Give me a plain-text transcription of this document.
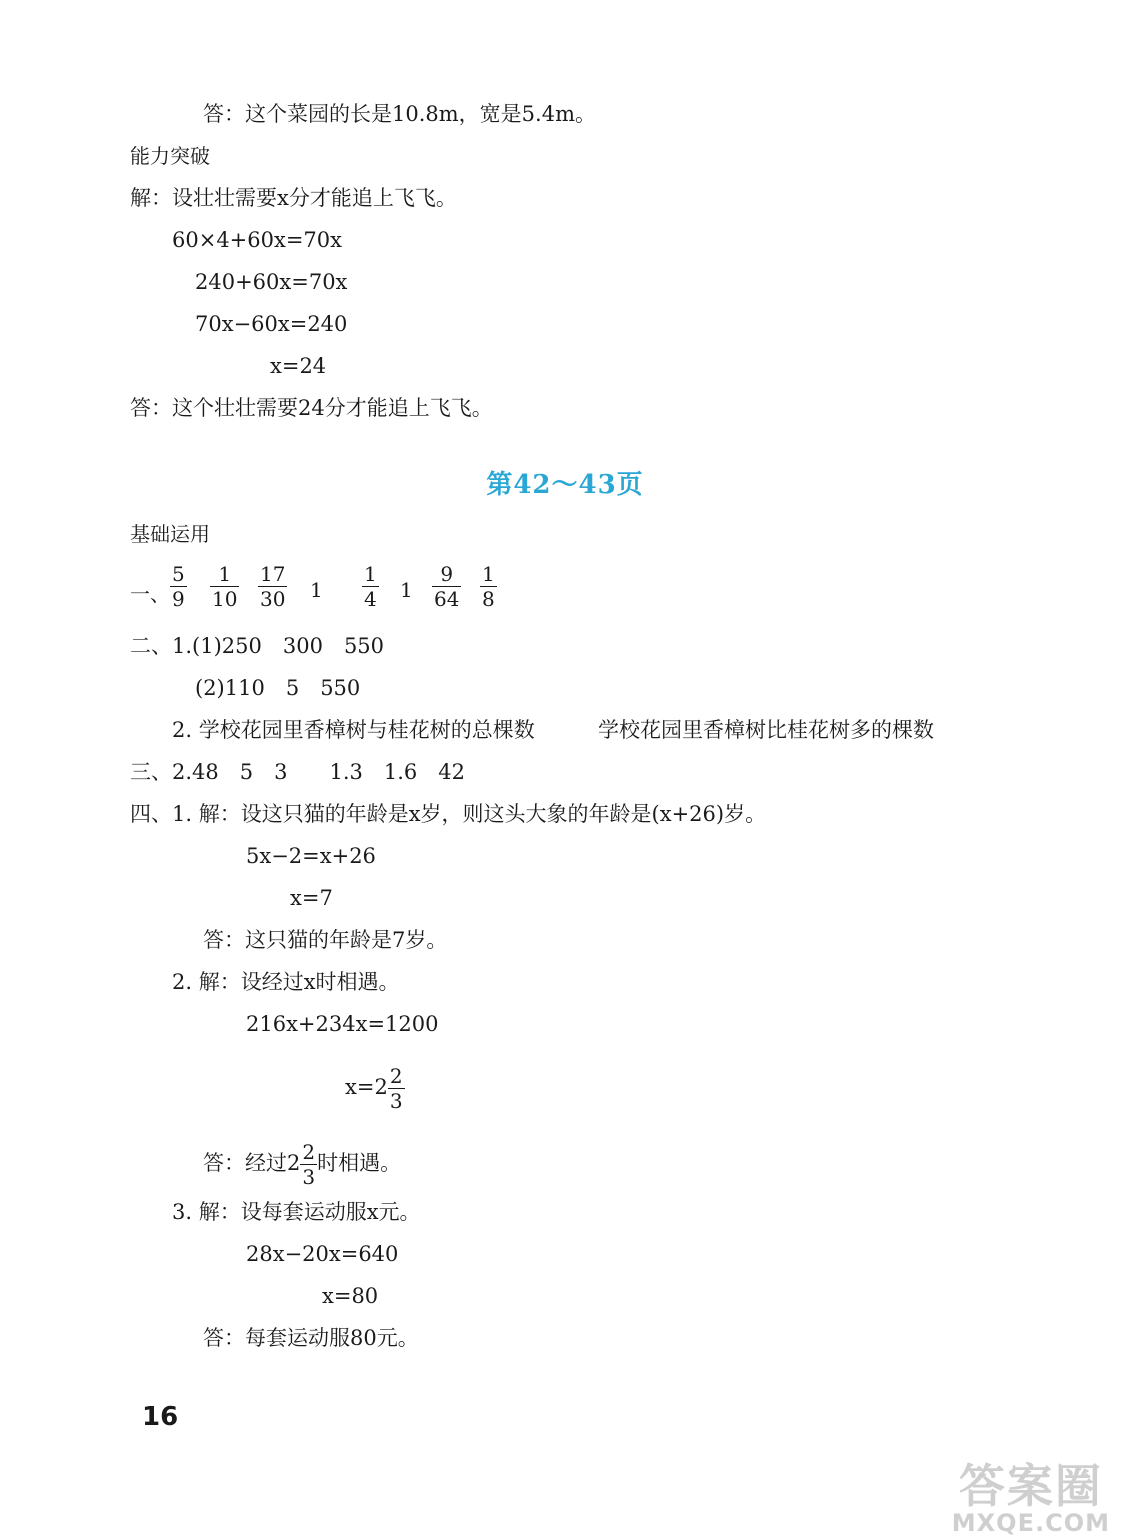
答：这个菜园的长是10.8m，宽是5.4m。
能力突破
解：设壮壮需要x分才能追上飞飞。
60×4+60x=70x
240+60x=70x
70x−60x=240
x=24
答：这个壮壮需要24分才能追上飞飞。
第42～43页
基础运用
一、 $\frac{5}{9} \frac{1}{10} \frac{17}{30} 1 \frac{1}{4} 1 \frac{9}{64} \frac{1}{8}$
二、1.(1)250　300　550
(2)110　5　550
2. 学校花园里香樟树与桂花树的总棵数	学校花园里香樟树比桂花树多的棵数
三、2.48　5　3　　1.3　1.6　42
四、1. 解：设这只猫的年龄是x岁，则这头大象的年龄是(x+26)岁。
5x−2=x+26
x=7
答：这只猫的年龄是7岁。
2. 解：设经过x时相遇。
216x+234x=1200
$x=2 \frac{2}{3}$
答：经过$2 \frac{2}{3}$ 时相遇。
3. 解：设每套运动服x元。
28x−20x=640
x=80
答：每套运动服80元。
16
答案圈
MXQE.COM
